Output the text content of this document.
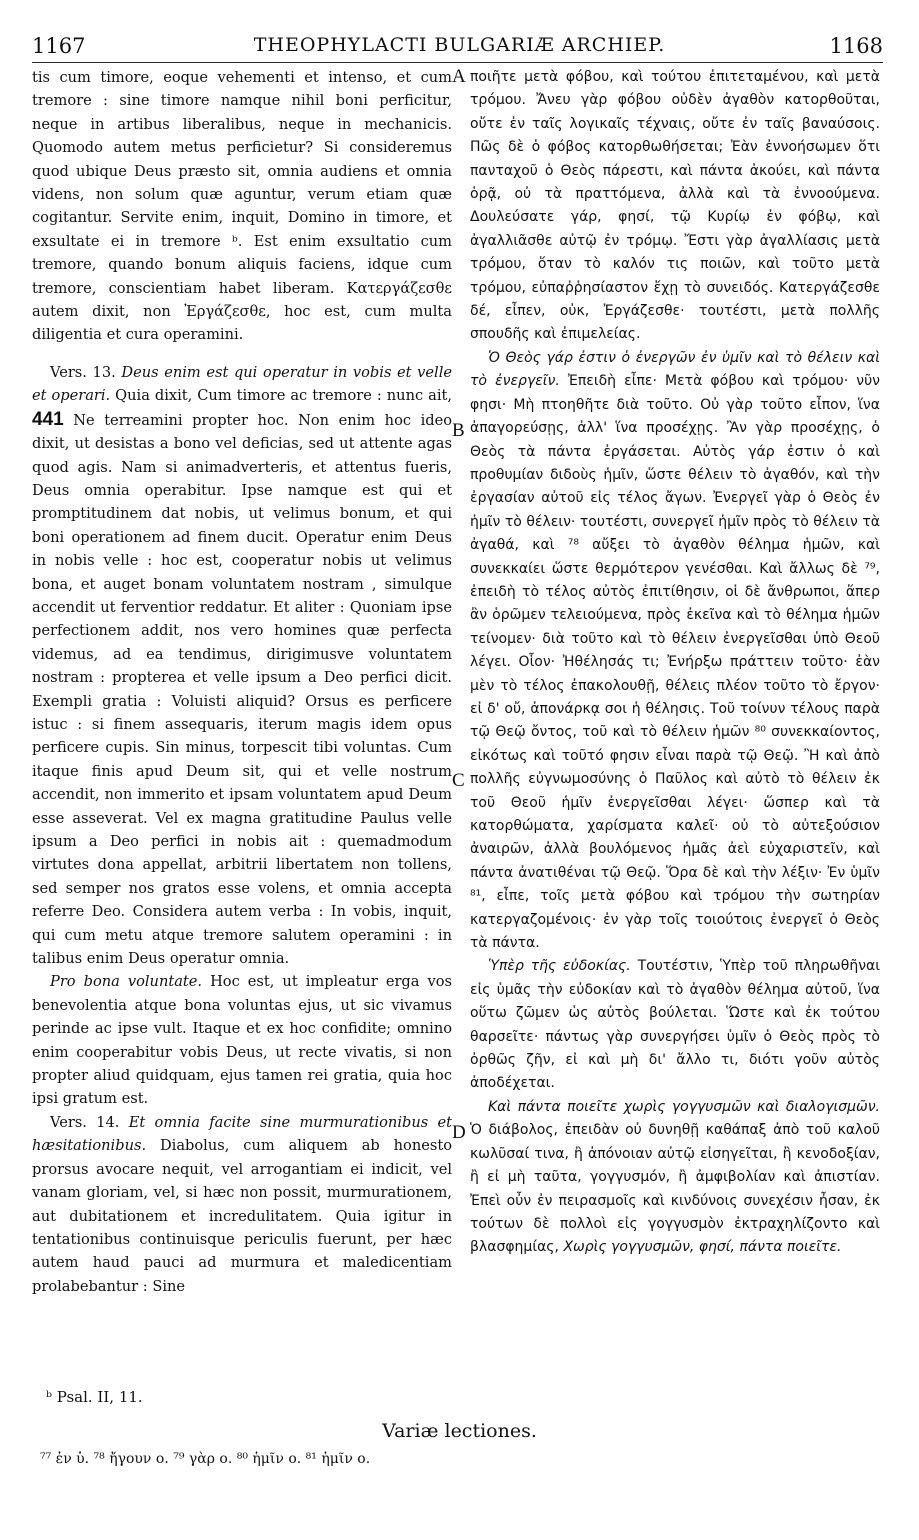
1167	THEOPHYLACTI BULGARIÆ ARCHIEP.	1168
A
B
C
D

tis cum timore, eoque vehementi et intenso, et cum tremore : sine timore namque nihil boni perficitur, neque in artibus liberalibus, neque in mechanicis. Quomodo autem metus perficietur? Si consideremus quod ubique Deus præsto sit, omnia audiens et omnia videns, non solum quæ aguntur, verum etiam quæ cogitantur. Servite enim, inquit, Domino in timore, et exsultate ei in tremore ᵇ. Est enim exsultatio cum tremore, quando bonum aliquis faciens, idque cum tremore, conscientiam habet liberam. Κατεργάζεσθε autem dixit, non Ἐργάζεσθε, hoc est, cum multa diligentia et cura operamini.

Vers. 13. Deus enim est qui operatur in vobis et velle et operari. Quia dixit, Cum timore ac tremore : nunc ait, 441 Ne terreamini propter hoc. Non enim hoc ideo dixit, ut desistas a bono vel deficias, sed ut attente agas quod agis. Nam si animadverteris, et attentus fueris, Deus omnia operabitur. Ipse namque est qui et promptitudinem dat nobis, ut velimus bonum, et qui boni operationem ad finem ducit. Operatur enim Deus in nobis velle : hoc est, cooperatur nobis ut velimus bona, et auget bonam voluntatem nostram , simulque accendit ut ferventior reddatur. Et aliter : Quoniam ipse perfectionem addit, nos vero homines quæ perfecta videmus, ad ea tendimus, dirigimusve voluntatem nostram : propterea et velle ipsum a Deo perfici dicit. Exempli gratia : Voluisti aliquid? Orsus es perficere istuc : si finem assequaris, iterum magis idem opus perficere cupis. Sin minus, torpescit tibi voluntas. Cum itaque finis apud Deum sit, qui et velle nostrum accendit, non immerito et ipsam voluntatem apud Deum esse asseverat. Vel ex magna gratitudine Paulus velle ipsum a Deo perfici in nobis ait : quemadmodum virtutes dona appellat, arbitrii libertatem non tollens, sed semper nos gratos esse volens, et omnia accepta referre Deo. Considera autem verba : In vobis, inquit, qui cum metu atque tremore salutem operamini : in talibus enim Deus operatur omnia.

Pro bona voluntate. Hoc est, ut impleatur erga vos benevolentia atque bona voluntas ejus, ut sic vivamus perinde ac ipse vult. Itaque et ex hoc confidite; omnino enim cooperabitur vobis Deus, ut recte vivatis, si non propter aliud quidquam, ejus tamen rei gratia, quia hoc ipsi gratum est.

Vers. 14. Et omnia facite sine murmurationibus et hæsitationibus. Diabolus, cum aliquem ab honesto prorsus avocare nequit, vel arrogantiam ei indicit, vel vanam gloriam, vel, si hæc non possit, murmurationem, aut dubitationem et incredulitatem. Quia igitur in tentationibus continuisque periculis fuerunt, per hæc autem haud pauci ad murmura et maledicentiam prolabebantur : Sine

ποιῆτε μετὰ φόβου, καὶ τούτου ἐπιτεταμένου, καὶ μετὰ τρόμου. Ἄνευ γὰρ φόβου οὐδὲν ἀγαθὸν κατορθοῦται, οὔτε ἐν ταῖς λογικαῖς τέχναις, οὔτε ἐν ταῖς βαναύσοις. Πῶς δὲ ὁ φόβος κατορθωθήσεται; Ἐὰν ἐννοήσωμεν ὅτι πανταχοῦ ὁ Θεὸς πάρεστι, καὶ πάντα ἀκούει, καὶ πάντα ὁρᾷ, οὐ τὰ πραττόμενα, ἀλλὰ καὶ τὰ ἐννοούμενα. Δουλεύσατε γάρ, φησί, τῷ Κυρίῳ ἐν φόβῳ, καὶ ἀγαλλιᾶσθε αὐτῷ ἐν τρόμῳ. Ἔστι γὰρ ἀγαλλίασις μετὰ τρόμου, ὅταν τὸ καλόν τις ποιῶν, καὶ τοῦτο μετὰ τρόμου, εὐπαῤῥησίαστον ἔχῃ τὸ συνειδός. Κατεργάζεσθε δέ, εἶπεν, οὐκ, Ἐργάζεσθε· τουτέστι, μετὰ πολλῆς σπουδῆς καὶ ἐπιμελείας.

Ὁ Θεὸς γάρ ἐστιν ὁ ἐνεργῶν ἐν ὑμῖν καὶ τὸ θέλειν καὶ τὸ ἐνεργεῖν. Ἐπειδὴ εἶπε· Μετὰ φόβου καὶ τρόμου· νῦν φησι· Μὴ πτοηθῆτε διὰ τοῦτο. Οὐ γὰρ τοῦτο εἶπον, ἵνα ἀπαγορεύσῃς, ἀλλ' ἵνα προσέχῃς. Ἂν γὰρ προσέχῃς, ὁ Θεὸς τὰ πάντα ἐργάσεται. Αὐτὸς γάρ ἐστιν ὁ καὶ προθυμίαν διδοὺς ἡμῖν, ὥστε θέλειν τὸ ἀγαθόν, καὶ τὴν ἐργασίαν αὐτοῦ εἰς τέλος ἄγων. Ἐνεργεῖ γὰρ ὁ Θεὸς ἐν ἡμῖν τὸ θέλειν· τουτέστι, συνεργεῖ ἡμῖν πρὸς τὸ θέλειν τὰ ἀγαθά, καὶ ⁷⁸ αὔξει τὸ ἀγαθὸν θέλημα ἡμῶν, καὶ συνεκκαίει ὥστε θερμότερον γενέσθαι. Καὶ ἄλλως δὲ ⁷⁹, ἐπειδὴ τὸ τέλος αὐτὸς ἐπιτίθησιν, οἱ δὲ ἄνθρωποι, ἅπερ ἂν ὁρῶμεν τελειούμενα, πρὸς ἐκεῖνα καὶ τὸ θέλημα ἡμῶν τείνομεν· διὰ τοῦτο καὶ τὸ θέλειν ἐνεργεῖσθαι ὑπὸ Θεοῦ λέγει. Οἷον· Ἠθέλησάς τι; Ἐνήρξω πράττειν τοῦτο· ἐὰν μὲν τὸ τέλος ἐπακολουθῇ, θέλεις πλέον τοῦτο τὸ ἔργον· εἰ δ' οὔ, ἀπονάρκᾳ σοι ἡ θέλησις. Τοῦ τοίνυν τέλους παρὰ τῷ Θεῷ ὄντος, τοῦ καὶ τὸ θέλειν ἡμῶν ⁸⁰ συνεκκαίοντος, εἰκότως καὶ τοῦτό φησιν εἶναι παρὰ τῷ Θεῷ. Ἢ καὶ ἀπὸ πολλῆς εὐγνωμοσύνης ὁ Παῦλος καὶ αὐτὸ τὸ θέλειν ἐκ τοῦ Θεοῦ ἡμῖν ἐνεργεῖσθαι λέγει· ὥσπερ καὶ τὰ κατορθώματα, χαρίσματα καλεῖ· οὐ τὸ αὐτεξούσιον ἀναιρῶν, ἀλλὰ βουλόμενος ἡμᾶς ἀεὶ εὐχαριστεῖν, καὶ πάντα ἀνατιθέναι τῷ Θεῷ. Ὅρα δὲ καὶ τὴν λέξιν· Ἐν ὑμῖν ⁸¹, εἶπε, τοῖς μετὰ φόβου καὶ τρόμου τὴν σωτηρίαν κατεργαζομένοις· ἐν γὰρ τοῖς τοιούτοις ἐνεργεῖ ὁ Θεὸς τὰ πάντα.

Ὑπὲρ τῆς εὐδοκίας. Τουτέστιν, Ὑπὲρ τοῦ πληρωθῆναι εἰς ὑμᾶς τὴν εὐδοκίαν καὶ τὸ ἀγαθὸν θέλημα αὐτοῦ, ἵνα οὕτω ζῶμεν ὡς αὐτὸς βούλεται. Ὥστε καὶ ἐκ τούτου θαρσεῖτε· πάντως γὰρ συνεργήσει ὑμῖν ὁ Θεὸς πρὸς τὸ ὀρθῶς ζῆν, εἰ καὶ μὴ δι' ἄλλο τι, διότι γοῦν αὐτὸς ἀποδέχεται.

Καὶ πάντα ποιεῖτε χωρὶς γογγυσμῶν καὶ διαλογισμῶν. Ὁ διάβολος, ἐπειδὰν οὐ δυνηθῇ καθάπαξ ἀπὸ τοῦ καλοῦ κωλῦσαί τινα, ἢ ἀπόνοιαν αὐτῷ εἰσηγεῖται, ἢ κενοδοξίαν, ἢ εἰ μὴ ταῦτα, γογγυσμόν, ἢ ἀμφιβολίαν καὶ ἀπιστίαν. Ἐπεὶ οὖν ἐν πειρασμοῖς καὶ κινδύνοις συνεχέσιν ἦσαν, ἐκ τούτων δὲ πολλοὶ εἰς γογγυσμὸν ἐκτραχηλίζοντο καὶ βλασφημίας, Χωρὶς γογγυσμῶν, φησί, πάντα ποιεῖτε.

ᵇ Psal. II, 11.
Variæ lectiones.
⁷⁷ ἐν ὑ. ⁷⁸ ἤγουν ο. ⁷⁹ γὰρ ο. ⁸⁰ ἡμῖν ο. ⁸¹ ἡμῖν ο.
